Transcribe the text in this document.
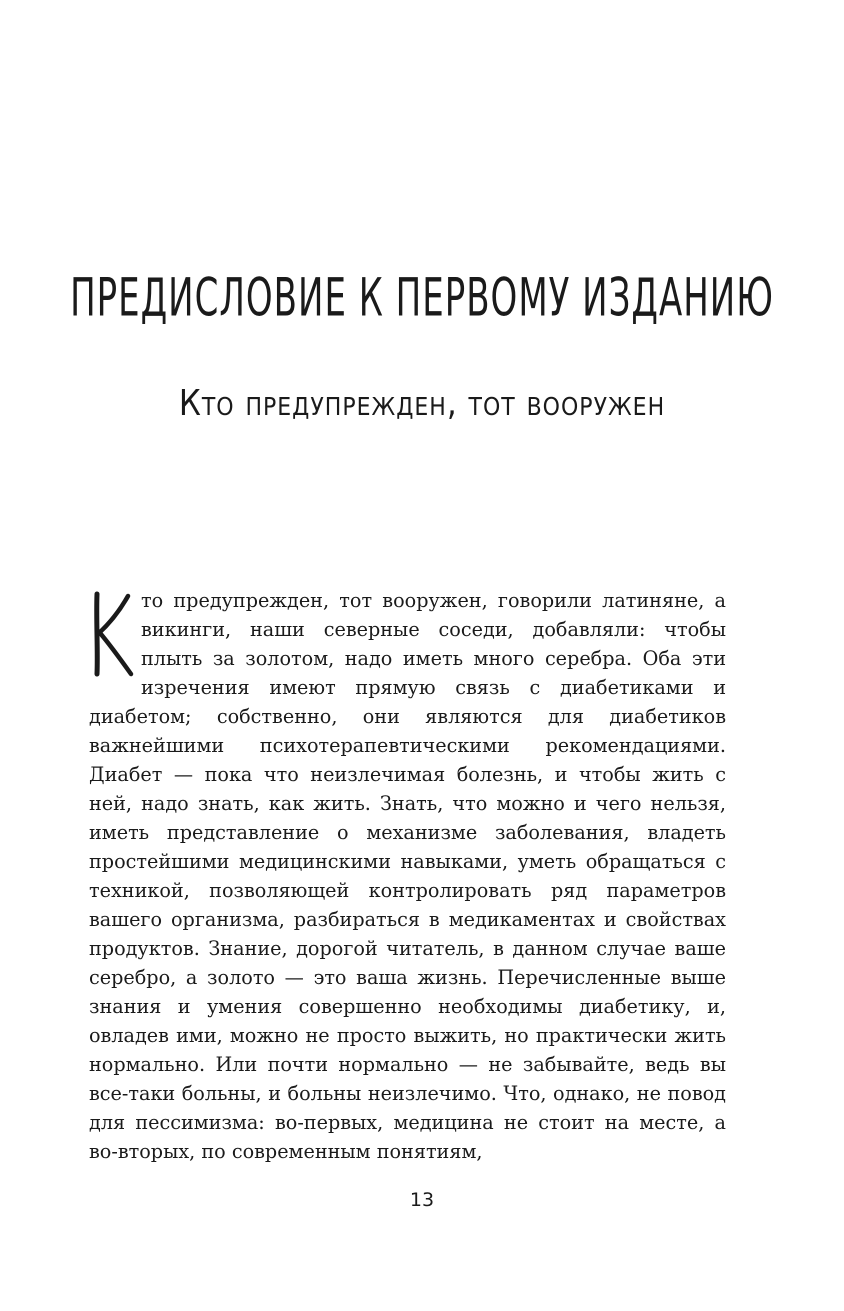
ПРЕДИСЛОВИЕ К ПЕРВОМУ ИЗДАНИЮ
Кто предупрежден, тот вооружен

то предупрежден, тот вооружен, говорили латиняне, а викинги, наши северные соседи, добавляли: чтобы плыть за золотом, надо иметь много серебра. Оба эти изречения имеют прямую связь с диабетиками и диабетом; собственно, они являются для диабетиков важнейшими психотерапевтическими рекомендациями. Диабет — пока что неизлечимая болезнь, и чтобы жить с ней, надо знать, как жить. Знать, что можно и чего нельзя, иметь представление о механизме заболевания, владеть простейшими медицинскими навыками, уметь обращаться с техникой, позволяющей контролировать ряд параметров вашего организма, разбираться в медикаментах и свойствах продуктов. Знание, дорогой читатель, в данном случае ваше серебро, а золото — это ваша жизнь. Перечисленные выше знания и умения совершенно необходимы диабетику, и, овладев ими, можно не просто выжить, но практически жить нормально. Или почти нормально — не забывайте, ведь вы все-таки больны, и больны неизлечимо. Что, однако, не повод для пессимизма: во-первых, медицина не стоит на месте, а во-вторых, по современным понятиям,

13
